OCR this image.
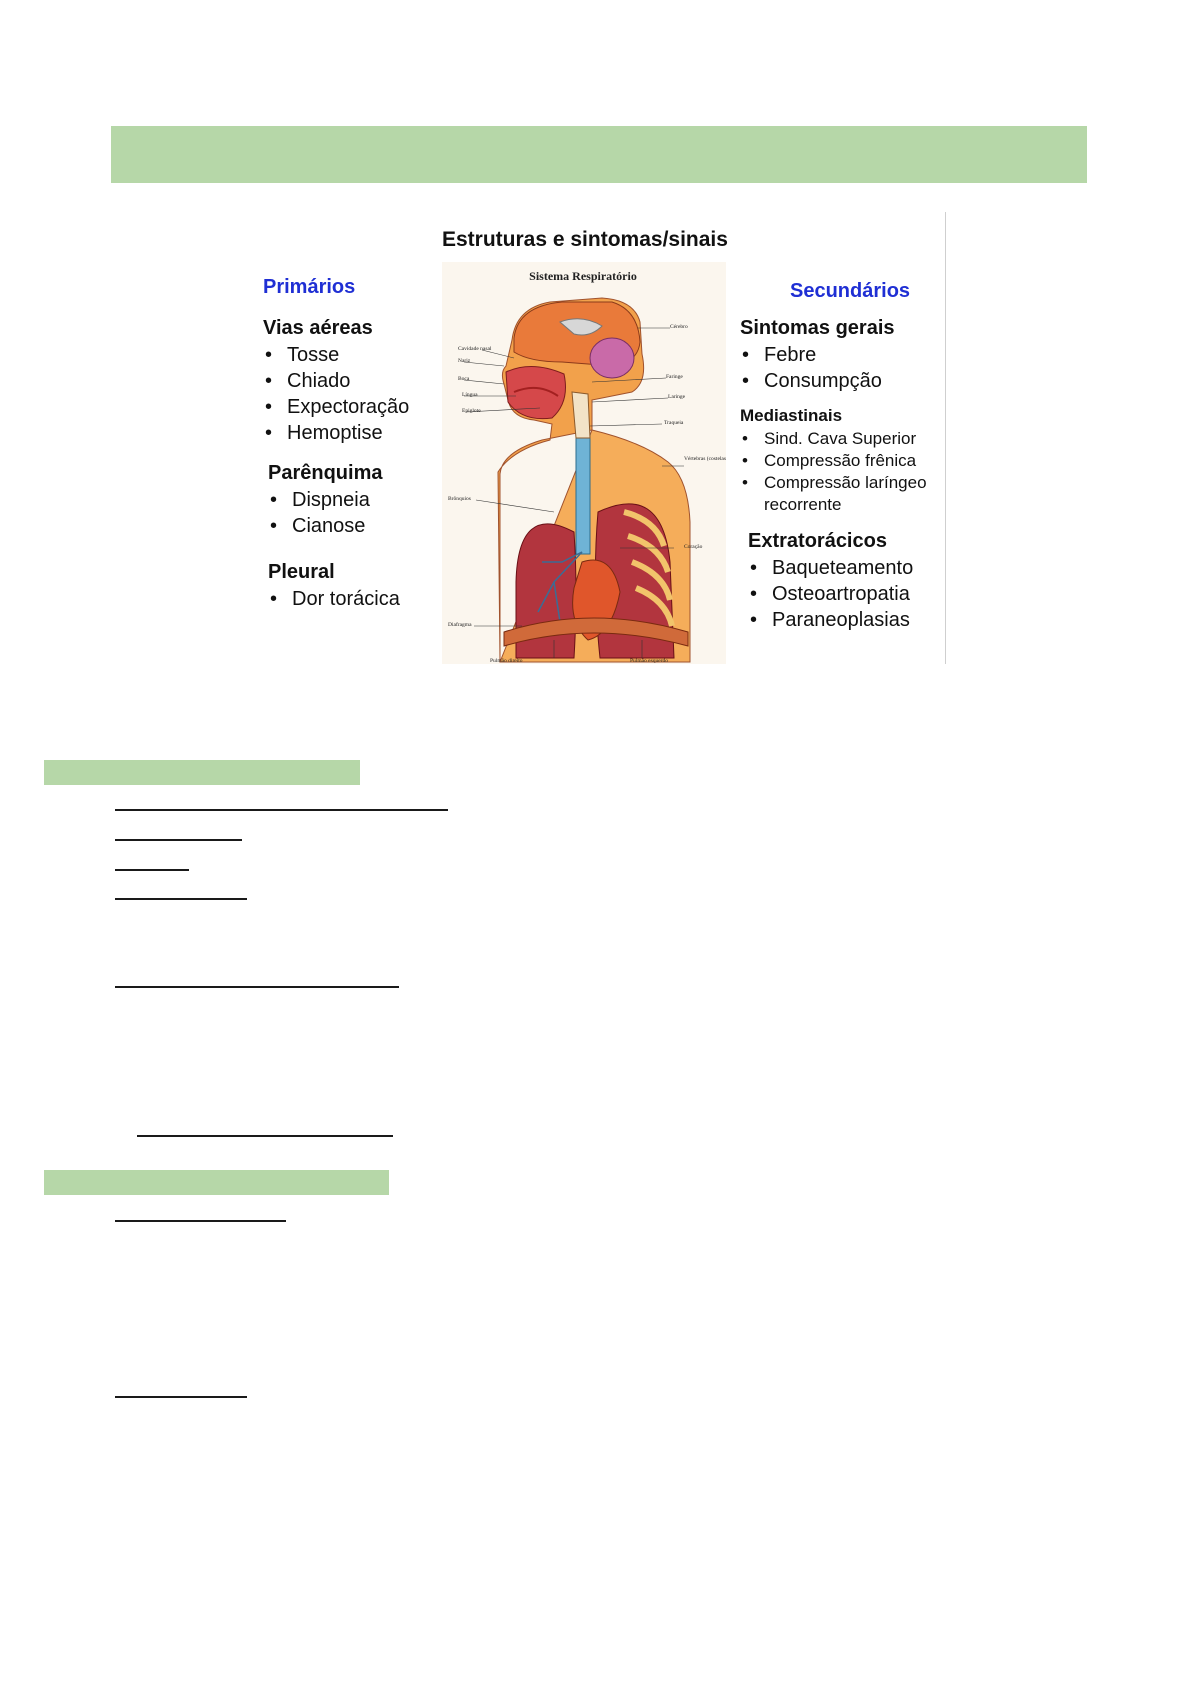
Estruturas e sintomas/sinais
Primários
Vias aéreas
• Tosse
• Chiado
• Expectoração
• Hemoptise
Parênquima
• Dispneia
• Cianose
Pleural
• Dor torácica
Sistema Respiratório
Cavidade nasal
Nariz
Boca
Língua
Epiglote
Brônquios
Diafragma
Cérebro
Faringe
Laringe
Traqueia
Vértebras (costelas)
Coração
Pulmão direito	Pulmão esquerdo
Secundários
Sintomas gerais
• Febre
• Consumpção
Mediastinais
• Sind. Cava Superior
• Compressão frênica
• Compressão laríngeo recorrente
Extratorácicos
• Baqueteamento
• Osteoartropatia
• Paraneoplasias
